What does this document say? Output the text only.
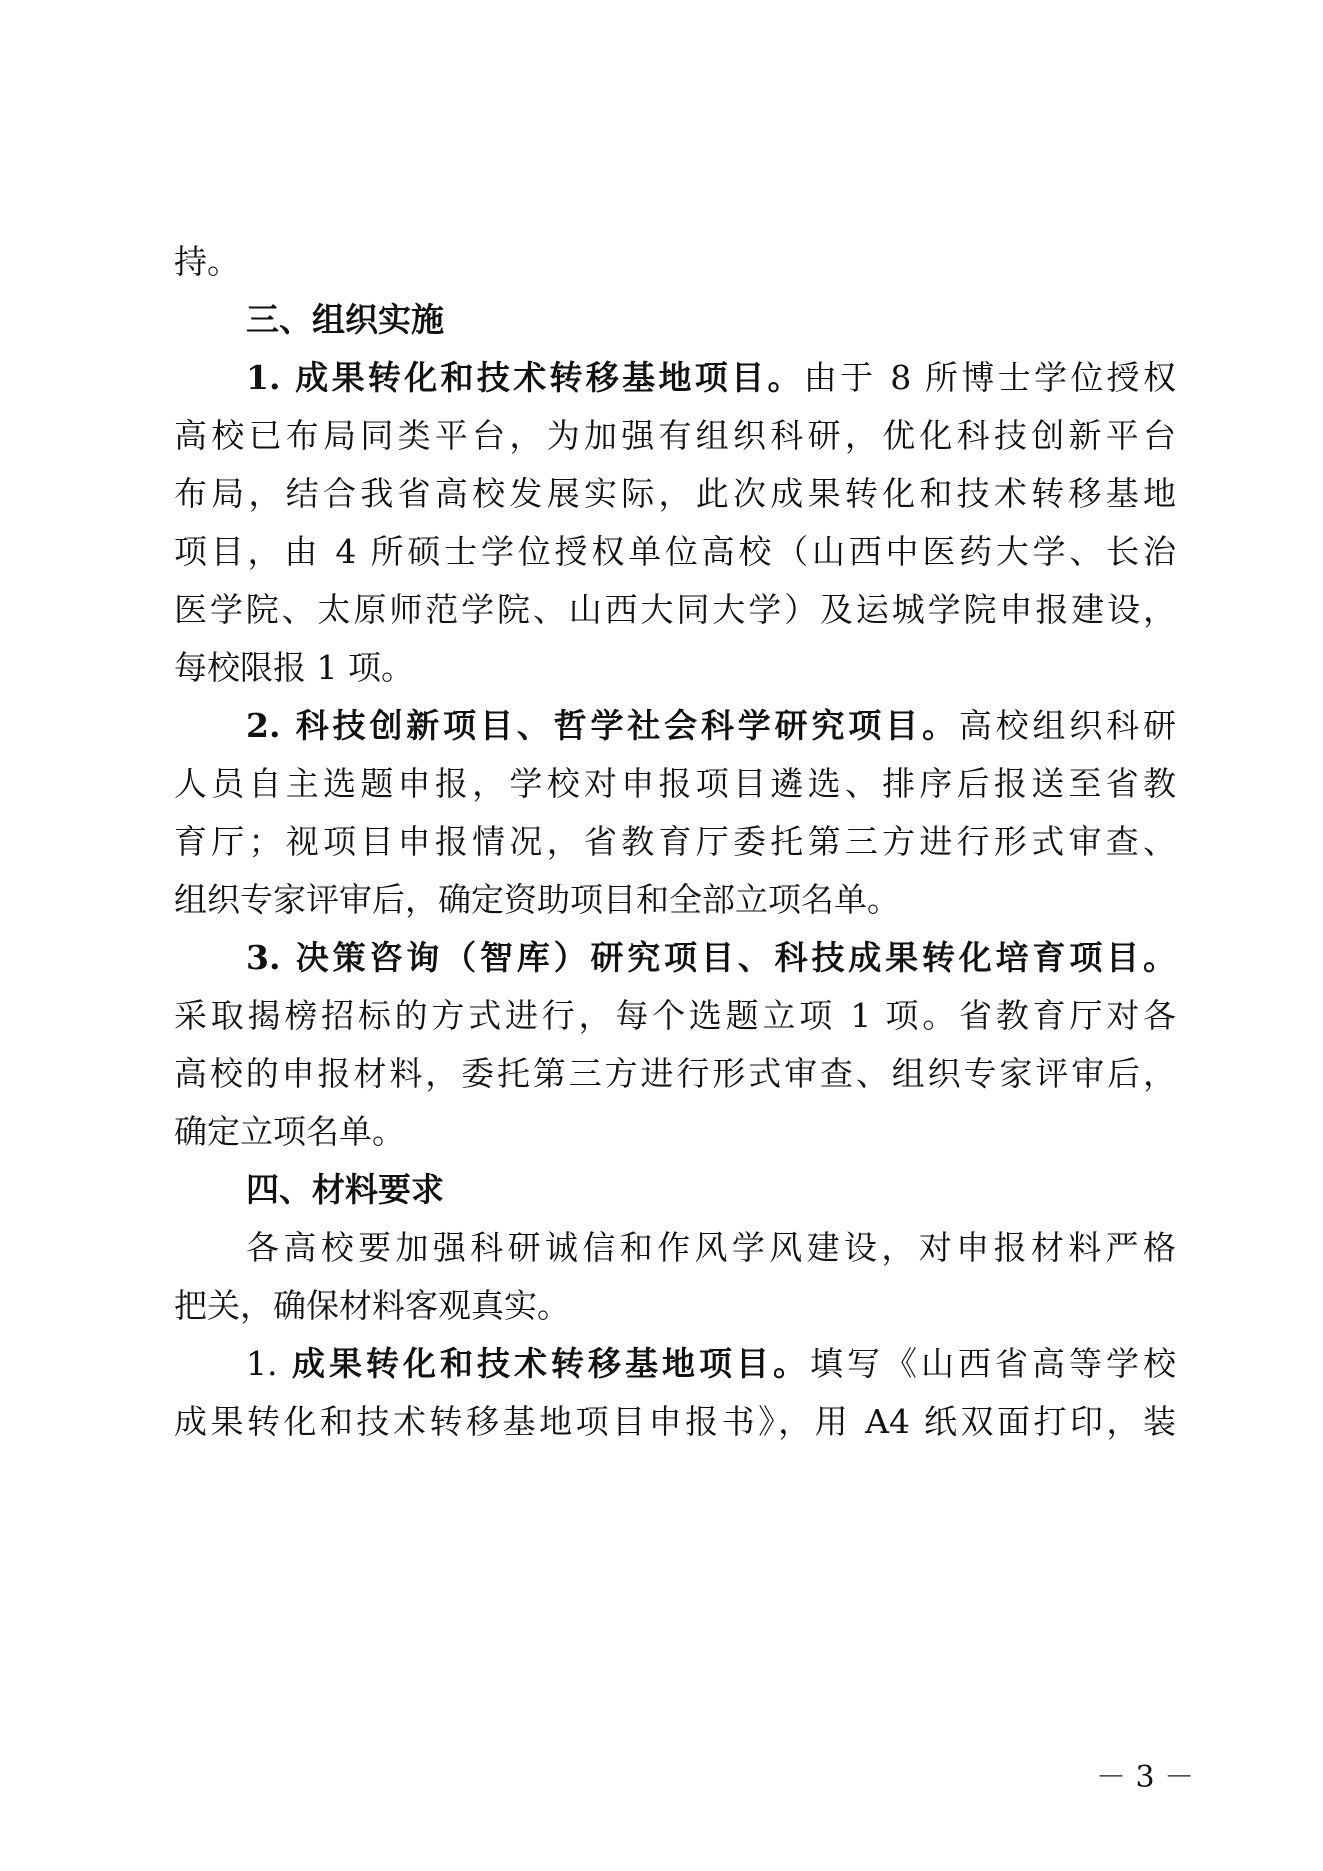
持。
三、组织实施
1. 成果转化和技术转移基地项目。由于 8 所博士学位授权
高校已布局同类平台，为加强有组织科研，优化科技创新平台
布局，结合我省高校发展实际，此次成果转化和技术转移基地
项目，由 4 所硕士学位授权单位高校（山西中医药大学、长治
医学院、太原师范学院、山西大同大学）及运城学院申报建设，
每校限报 1 项。
2. 科技创新项目、哲学社会科学研究项目。高校组织科研
人员自主选题申报，学校对申报项目遴选、排序后报送至省教
育厅；视项目申报情况，省教育厅委托第三方进行形式审查、
组织专家评审后，确定资助项目和全部立项名单。
3. 决策咨询（智库）研究项目、科技成果转化培育项目。
采取揭榜招标的方式进行，每个选题立项 1 项。省教育厅对各
高校的申报材料，委托第三方进行形式审查、组织专家评审后，
确定立项名单。
四、材料要求
各高校要加强科研诚信和作风学风建设，对申报材料严格
把关，确保材料客观真实。
1. 成果转化和技术转移基地项目。填写《山西省高等学校
成果转化和技术转移基地项目申报书》，用 A4 纸双面打印，装
－ 3 －
